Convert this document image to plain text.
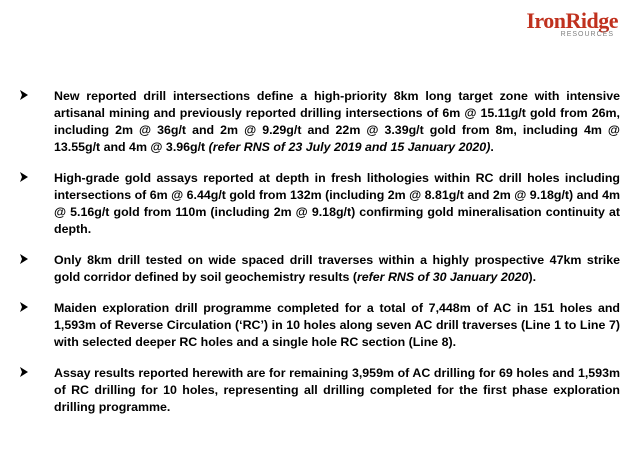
IronRidge
RESOURCES
New reported drill intersections define a high-priority 8km long target zone with intensive artisanal mining and previously reported drilling intersections of 6m @ 15.11g/t gold from 26m, including 2m @ 36g/t and 2m @ 9.29g/t and 22m @ 3.39g/t gold from 8m, including 4m @ 13.55g/t and 4m @ 3.96g/t (refer RNS of 23 July 2019 and 15 January 2020).
High-grade gold assays reported at depth in fresh lithologies within RC drill holes including intersections of 6m @ 6.44g/t gold from 132m (including 2m @ 8.81g/t and 2m @ 9.18g/t) and 4m @ 5.16g/t gold from 110m (including 2m @ 9.18g/t) confirming gold mineralisation continuity at depth.
Only 8km drill tested on wide spaced drill traverses within a highly prospective 47km strike gold corridor defined by soil geochemistry results (refer RNS of 30 January 2020).
Maiden exploration drill programme completed for a total of 7,448m of AC in 151 holes and 1,593m of Reverse Circulation (‘RC’) in 10 holes along seven AC drill traverses (Line 1 to Line 7) with selected deeper RC holes and a single hole RC section (Line 8).
Assay results reported herewith are for remaining 3,959m of AC drilling for 69 holes and 1,593m of RC drilling for 10 holes, representing all drilling completed for the first phase exploration drilling programme.
